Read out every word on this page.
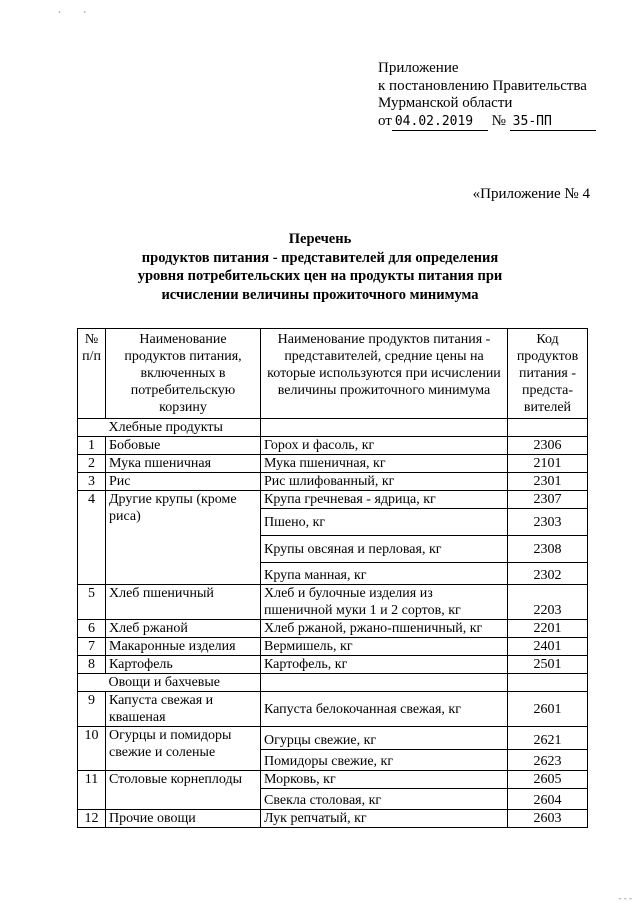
` `
Приложение
к постановлению Правительства
Мурманской области
от 04.02.2019 № 35-ПП
«Приложение № 4
Перечень
продуктов питания - представителей для определения
уровня потребительских цен на продукты питания при
исчислении величины прожиточного минимума
№ п/п	Наименование продуктов питания, включенных в потребительскую корзину	Наименование продуктов питания - представителей, средние цены на которые используются при исчислении величины прожиточного минимума	Код продуктов питания - предста-вителей
	Хлебные продукты		
1	Бобовые	Горох и фасоль, кг	2306
2	Мука пшеничная	Мука пшеничная, кг	2101
3	Рис	Рис шлифованный, кг	2301
4	Другие крупы (кроме риса)	Крупа гречневая - ядрица, кг	2307
		Пшено, кг	2303
		Крупы овсяная и перловая, кг	2308
		Крупа манная, кг	2302
5	Хлеб пшеничный	Хлеб и булочные изделия из пшеничной муки 1 и 2 сортов, кг	2203
6	Хлеб ржаной	Хлеб ржаной, ржано-пшеничный, кг	2201
7	Макаронные изделия	Вермишель, кг	2401
8	Картофель	Картофель, кг	2501
	Овощи и бахчевые		
9	Капуста свежая и квашеная	Капуста белокочанная свежая, кг	2601
10	Огурцы и помидоры свежие и соленые	Огурцы свежие, кг	2621
		Помидоры свежие, кг	2623
11	Столовые корнеплоды	Морковь, кг	2605
		Свекла столовая, кг	2604
12	Прочие овощи	Лук репчатый, кг	2603
- - -
